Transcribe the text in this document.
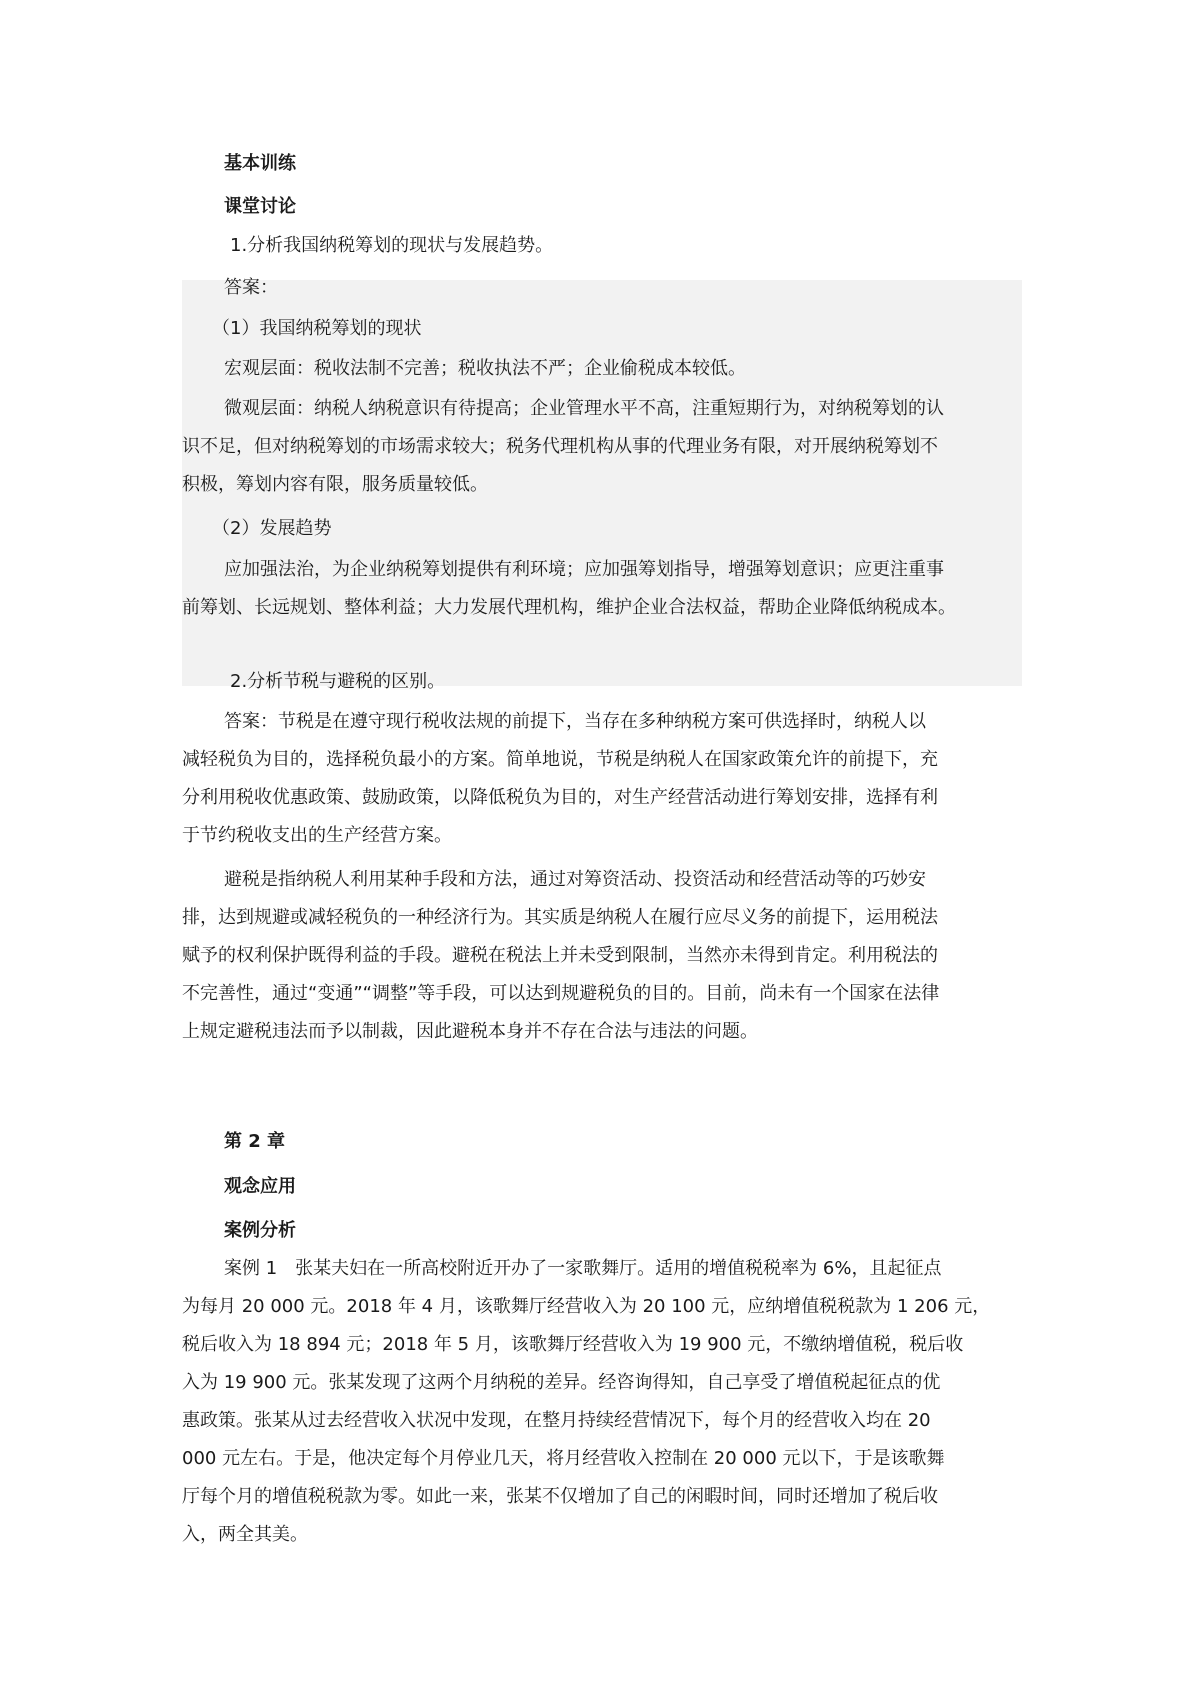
基本训练

课堂讨论

1.分析我国纳税筹划的现状与发展趋势。

答案：

（1）我国纳税筹划的现状

宏观层面：税收法制不完善；税收执法不严；企业偷税成本较低。

微观层面：纳税人纳税意识有待提高；企业管理水平不高，注重短期行为，对纳税筹划的认
识不足，但对纳税筹划的市场需求较大；税务代理机构从事的代理业务有限，对开展纳税筹划不
积极，筹划内容有限，服务质量较低。

（2）发展趋势

应加强法治，为企业纳税筹划提供有利环境；应加强筹划指导，增强筹划意识；应更注重事
前筹划、长远规划、整体利益；大力发展代理机构，维护企业合法权益，帮助企业降低纳税成本。

2.分析节税与避税的区别。

答案：节税是在遵守现行税收法规的前提下，当存在多种纳税方案可供选择时，纳税人以
减轻税负为目的，选择税负最小的方案。简单地说，节税是纳税人在国家政策允许的前提下，充
分利用税收优惠政策、鼓励政策，以降低税负为目的，对生产经营活动进行筹划安排，选择有利
于节约税收支出的生产经营方案。
避税是指纳税人利用某种手段和方法，通过对筹资活动、投资活动和经营活动等的巧妙安
排，达到规避或减轻税负的一种经济行为。其实质是纳税人在履行应尽义务的前提下，运用税法
赋予的权利保护既得利益的手段。避税在税法上并未受到限制，当然亦未得到肯定。利用税法的
不完善性，通过“变通”“调整”等手段，可以达到规避税负的目的。目前，尚未有一个国家在法律
上规定避税违法而予以制裁，因此避税本身并不存在合法与违法的问题。

第 2 章

观念应用

案例分析

案例 1　张某夫妇在一所高校附近开办了一家歌舞厅。适用的增值税税率为 6%，且起征点
为每月 20 000 元。2018 年 4 月，该歌舞厅经营收入为 20 100 元，应纳增值税税款为 1 206 元，
税后收入为 18 894 元；2018 年 5 月，该歌舞厅经营收入为 19 900 元，不缴纳增值税，税后收
入为 19 900 元。张某发现了这两个月纳税的差异。经咨询得知，自己享受了增值税起征点的优
惠政策。张某从过去经营收入状况中发现，在整月持续经营情况下，每个月的经营收入均在 20
000 元左右。于是，他决定每个月停业几天，将月经营收入控制在 20 000 元以下，于是该歌舞
厅每个月的增值税税款为零。如此一来，张某不仅增加了自己的闲暇时间，同时还增加了税后收
入，两全其美。
